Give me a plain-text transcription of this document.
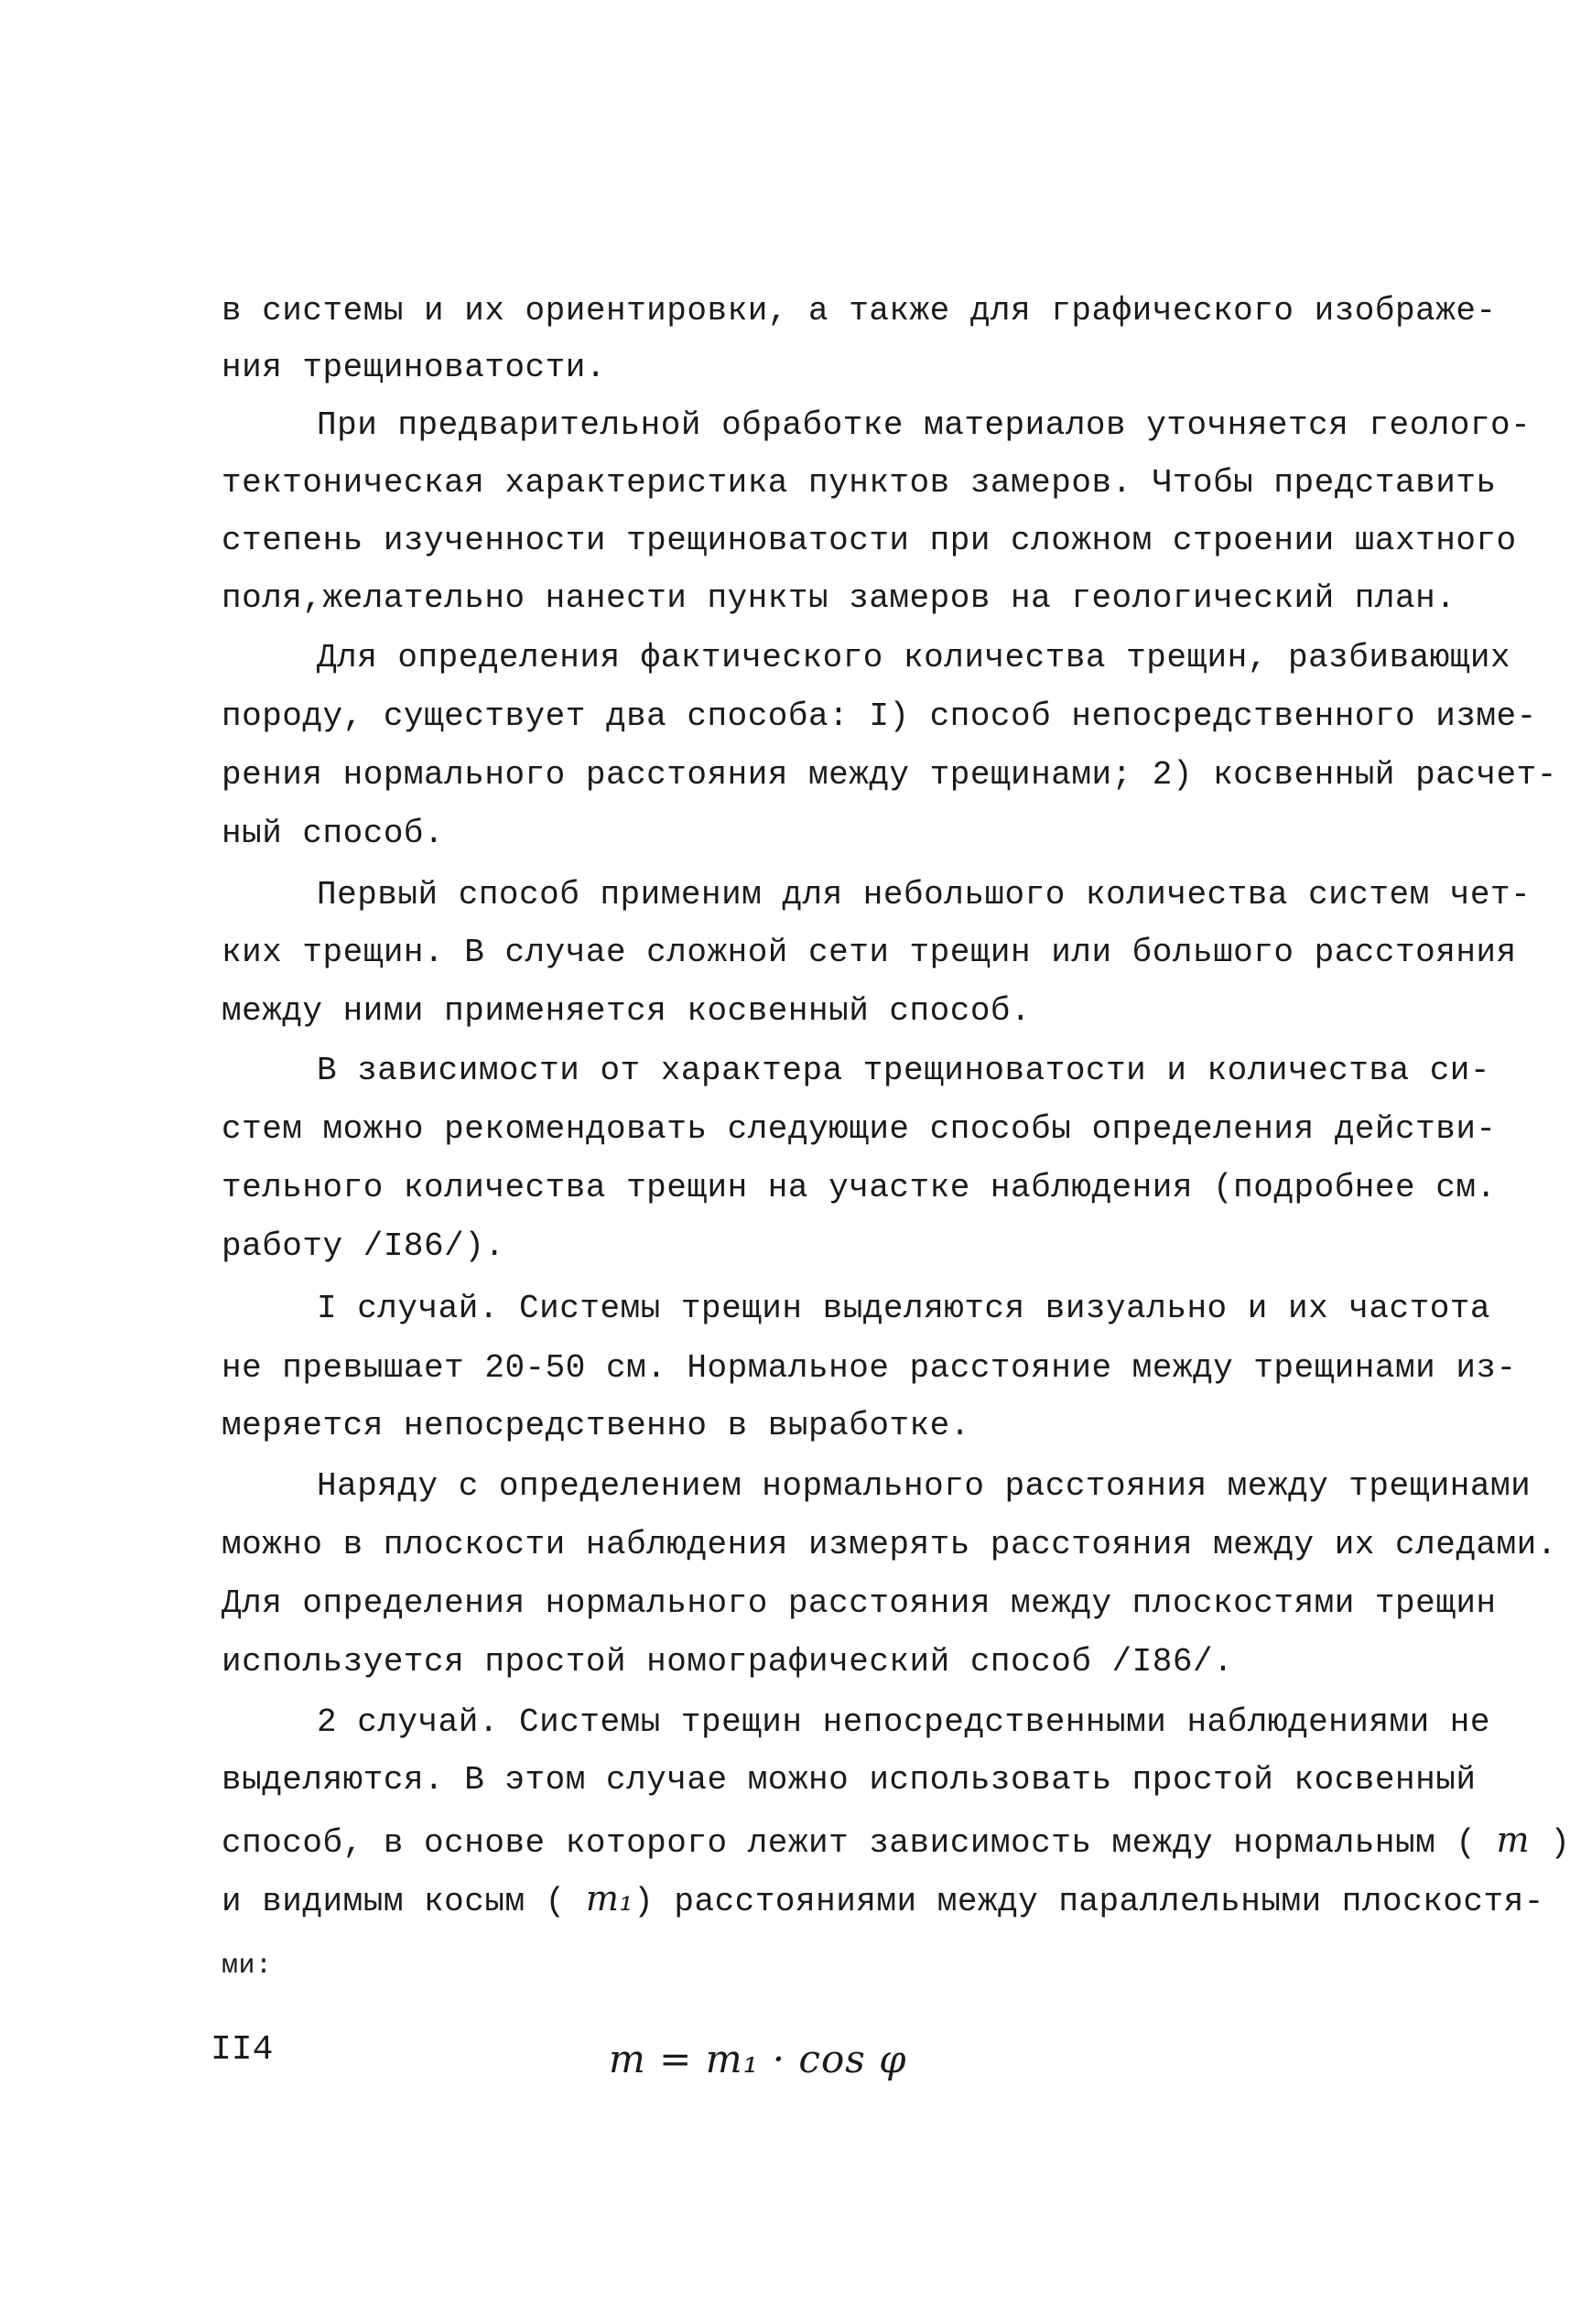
в системы и их ориентировки, а также для графического изображе-
ния трещиноватости.
При предварительной обработке материалов уточняется геолого-
тектоническая характеристика пунктов замеров. Чтобы представить
степень изученности трещиноватости при сложном строении шахтного
поля,желательно нанести пункты замеров на геологический план.
Для определения фактического количества трещин, разбивающих
породу, существует два способа: I) способ непосредственного изме-
рения нормального расстояния между трещинами; 2) косвенный расчет-
ный способ.
Первый способ применим для небольшого количества систем чет-
ких трещин. В случае сложной сети трещин или большого расстояния
между ними применяется косвенный способ.
В зависимости от характера трещиноватости и количества си-
стем можно рекомендовать следующие способы определения действи-
тельного количества трещин на участке наблюдения (подробнее см.
работу /I86/).
I случай. Системы трещин выделяются визуально и их частота
не превышает 20-50 см. Нормальное расстояние между трещинами из-
меряется непосредственно в выработке.
Наряду с определением нормального расстояния между трещинами
можно в плоскости наблюдения измерять расстояния между их следами.
Для определения нормального расстояния между плоскостями трещин
используется простой номографический способ /I86/.
2 случай. Системы трещин непосредственными наблюдениями не
выделяются. В этом случае можно использовать простой косвенный
способ, в основе которого лежит зависимость между нормальным ( m )
и видимым косым ( m₁) расстояниями между параллельными плоскостя-
ми:
II4	m = m₁ · cos φ
